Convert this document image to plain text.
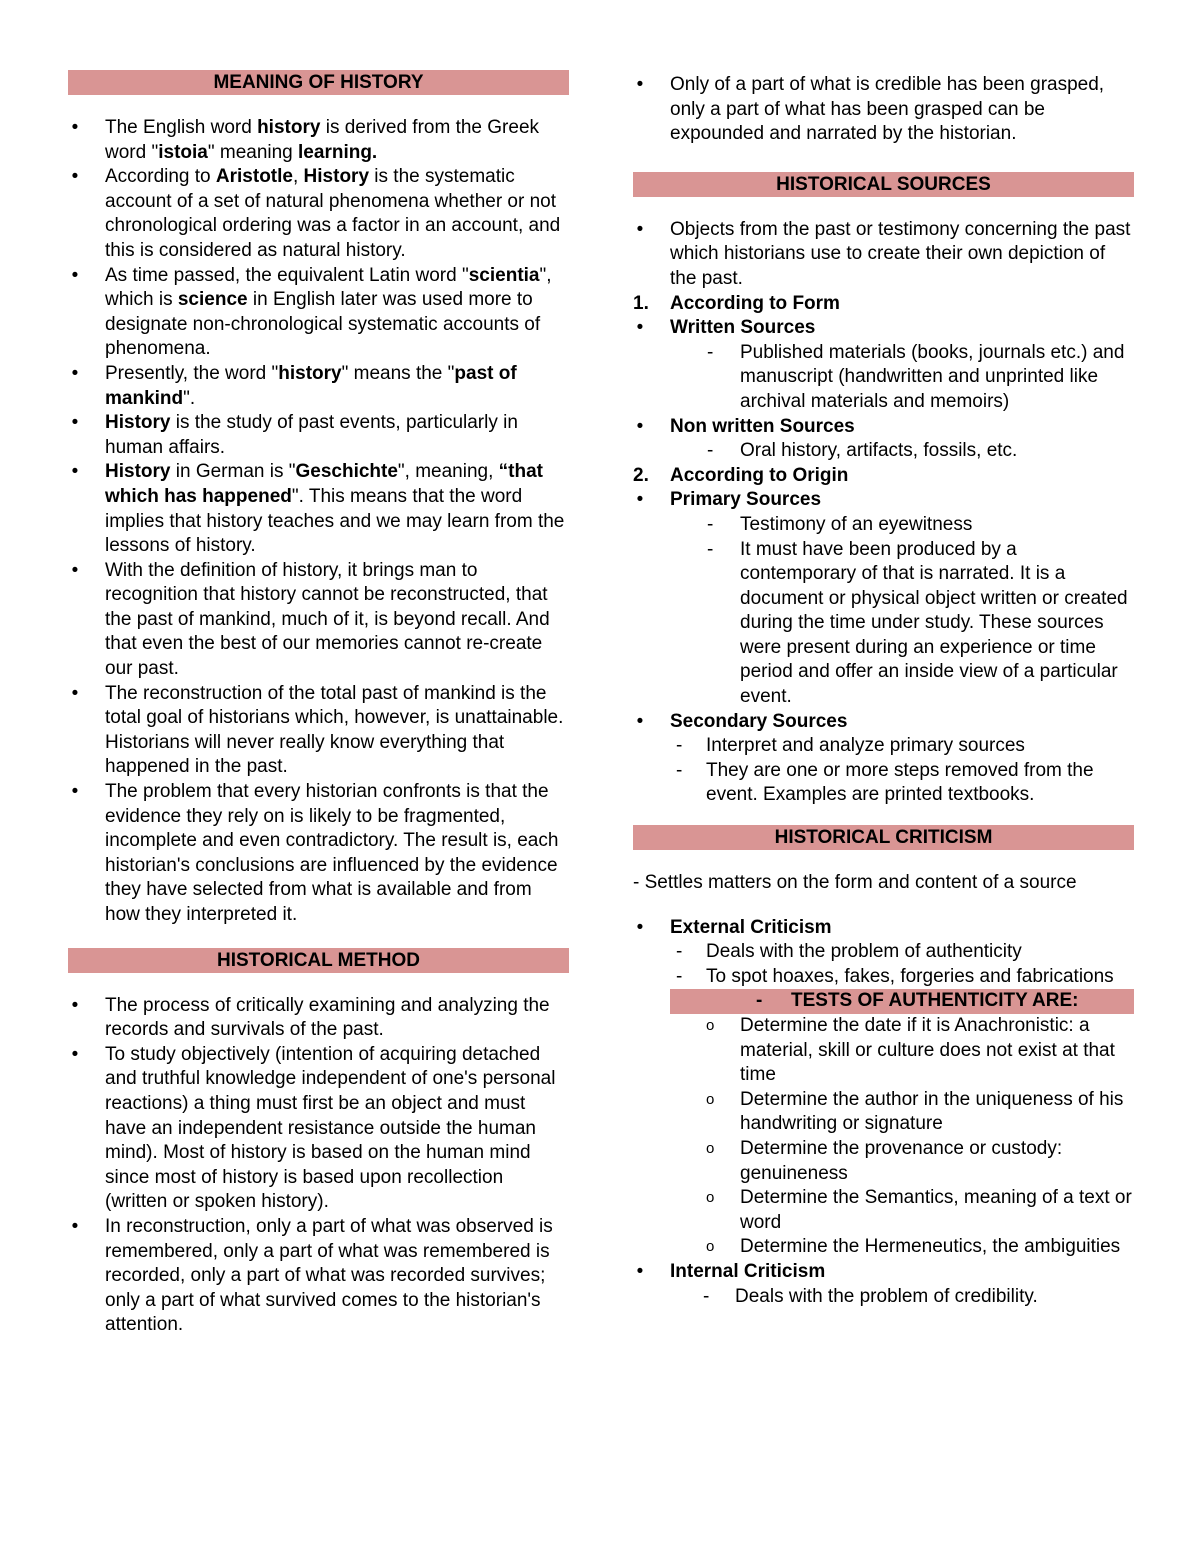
MEANING OF HISTORY
• The English word history is derived from the Greek word "istoia" meaning learning.
• According to Aristotle, History is the systematic account of a set of natural phenomena whether or not chronological ordering was a factor in an account, and this is considered as natural history.
• As time passed, the equivalent Latin word "scientia", which is science in English later was used more to designate non-chronological systematic accounts of phenomena.
• Presently, the word "history" means the "past of mankind".
• History is the study of past events, particularly in human affairs.
• History in German is "Geschichte", meaning, “that which has happened". This means that the word implies that history teaches and we may learn from the lessons of history.
• With the definition of history, it brings man to recognition that history cannot be reconstructed, that the past of mankind, much of it, is beyond recall. And that even the best of our memories cannot re-create our past.
• The reconstruction of the total past of mankind is the total goal of historians which, however, is unattainable. Historians will never really know everything that happened in the past.
• The problem that every historian confronts is that the evidence they rely on is likely to be fragmented, incomplete and even contradictory. The result is, each historian's conclusions are influenced by the evidence they have selected from what is available and from how they interpreted it.
HISTORICAL METHOD
• The process of critically examining and analyzing the records and survivals of the past.
• To study objectively (intention of acquiring detached and truthful knowledge independent of one's personal reactions) a thing must first be an object and must have an independent resistance outside the human mind). Most of history is based on the human mind since most of history is based upon recollection (written or spoken history).
• In reconstruction, only a part of what was observed is remembered, only a part of what was remembered is recorded, only a part of what was recorded survives; only a part of what survived comes to the historian's attention.
• Only of a part of what is credible has been grasped, only a part of what has been grasped can be expounded and narrated by the historian.
HISTORICAL SOURCES
• Objects from the past or testimony concerning the past which historians use to create their own depiction of the past.
1. According to Form
• Written Sources
- Published materials (books, journals etc.) and manuscript (handwritten and unprinted like archival materials and memoirs)
• Non written Sources
- Oral history, artifacts, fossils, etc.
2. According to Origin
• Primary Sources
- Testimony of an eyewitness
- It must have been produced by a contemporary of that is narrated. It is a document or physical object written or created during the time under study. These sources were present during an experience or time period and offer an inside view of a particular event.
• Secondary Sources
- Interpret and analyze primary sources
- They are one or more steps removed from the event. Examples are printed textbooks.
HISTORICAL CRITICISM
- Settles matters on the form and content of a source
• External Criticism
- Deals with the problem of authenticity
- To spot hoaxes, fakes, forgeries and fabrications
- TESTS OF AUTHENTICITY ARE:
o Determine the date if it is Anachronistic: a material, skill or culture does not exist at that time
o Determine the author in the uniqueness of his handwriting or signature
o Determine the provenance or custody: genuineness
o Determine the Semantics, meaning of a text or word
o Determine the Hermeneutics, the ambiguities
• Internal Criticism
- Deals with the problem of credibility.
